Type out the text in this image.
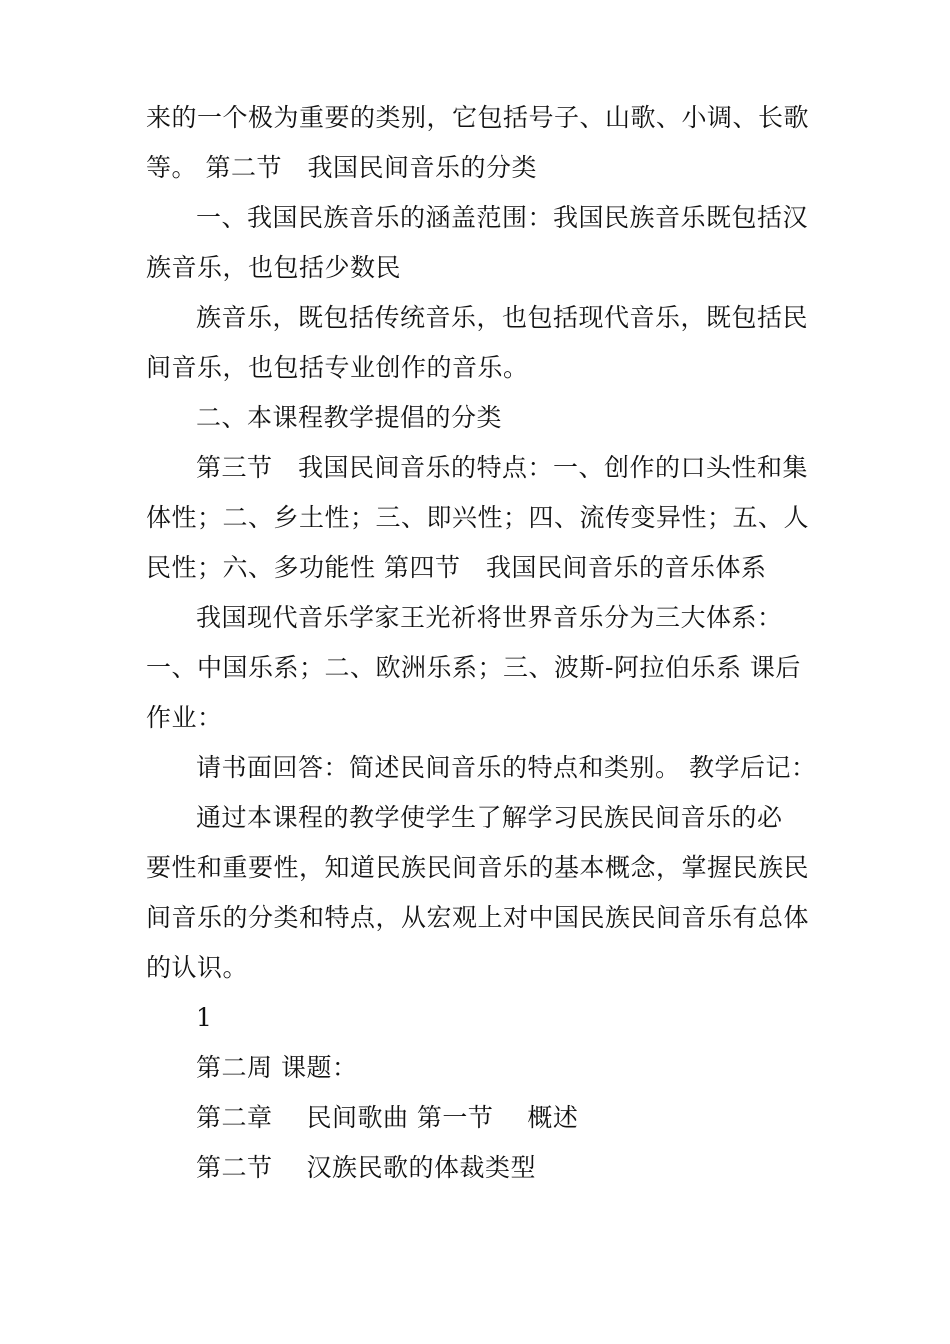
来的一个极为重要的类别，它包括号子、山歌、小调、长歌
等。 第二节　我国民间音乐的分类
一、我国民族音乐的涵盖范围：我国民族音乐既包括汉
族音乐，也包括少数民
族音乐，既包括传统音乐，也包括现代音乐，既包括民
间音乐，也包括专业创作的音乐。
二、本课程教学提倡的分类
第三节　我国民间音乐的特点：一、创作的口头性和集
体性；二、乡土性；三、即兴性；四、流传变异性；五、人
民性；六、多功能性 第四节　我国民间音乐的音乐体系
我国现代音乐学家王光祈将世界音乐分为三大体系：
一、中国乐系；二、欧洲乐系；三、波斯-阿拉伯乐系 课后
作业：
请书面回答：简述民间音乐的特点和类别。 教学后记：
通过本课程的教学使学生了解学习民族民间音乐的必
要性和重要性，知道民族民间音乐的基本概念，掌握民族民
间音乐的分类和特点，从宏观上对中国民族民间音乐有总体
的认识。
1
第二周 课题：
第二章　 民间歌曲 第一节　 概述
第二节　 汉族民歌的体裁类型
